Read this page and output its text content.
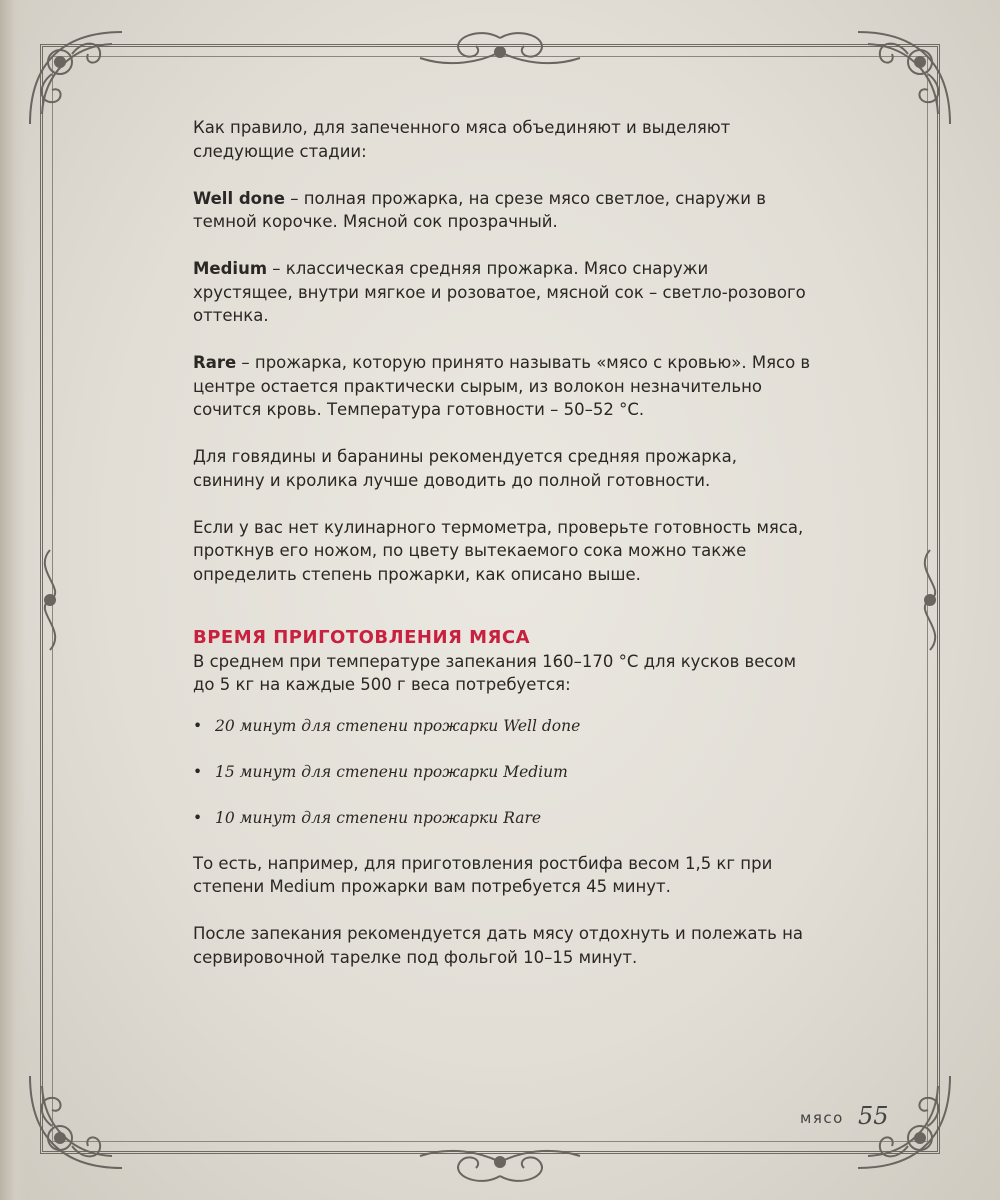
Как правило, для запеченного мяса объединяют и выделяют следующие стадии:

Well done – полная прожарка, на срезе мясо светлое, снаружи в темной корочке. Мясной сок прозрачный.

Medium – классическая средняя прожарка. Мясо снаружи хрустящее, внутри мягкое и розоватое, мясной сок – светло-розового оттенка.

Rare – прожарка, которую принято называть «мясо с кровью». Мясо в центре остается практически сырым, из волокон незначительно сочится кровь. Температура готовности – 50–52 °С.

Для говядины и баранины рекомендуется средняя прожарка, свинину и кролика лучше доводить до полной готовности.

Если у вас нет кулинарного термометра, проверьте готовность мяса, проткнув его ножом, по цвету вытекаемого сока можно также определить степень прожарки, как описано выше.

ВРЕМЯ ПРИГОТОВЛЕНИЯ МЯСА

В среднем при температуре запекания 160–170 °С для кусков весом до 5 кг на каждые 500 г веса потребуется:

• 20 минут для степени прожарки Well done
• 15 минут для степени прожарки Medium
• 10 минут для степени прожарки Rare

То есть, например, для приготовления ростбифа весом 1,5 кг при степени Medium прожарки вам потребуется 45 минут.

После запекания рекомендуется дать мясу отдохнуть и полежать на сервировочной тарелке под фольгой 10–15 минут.

мясо 55
